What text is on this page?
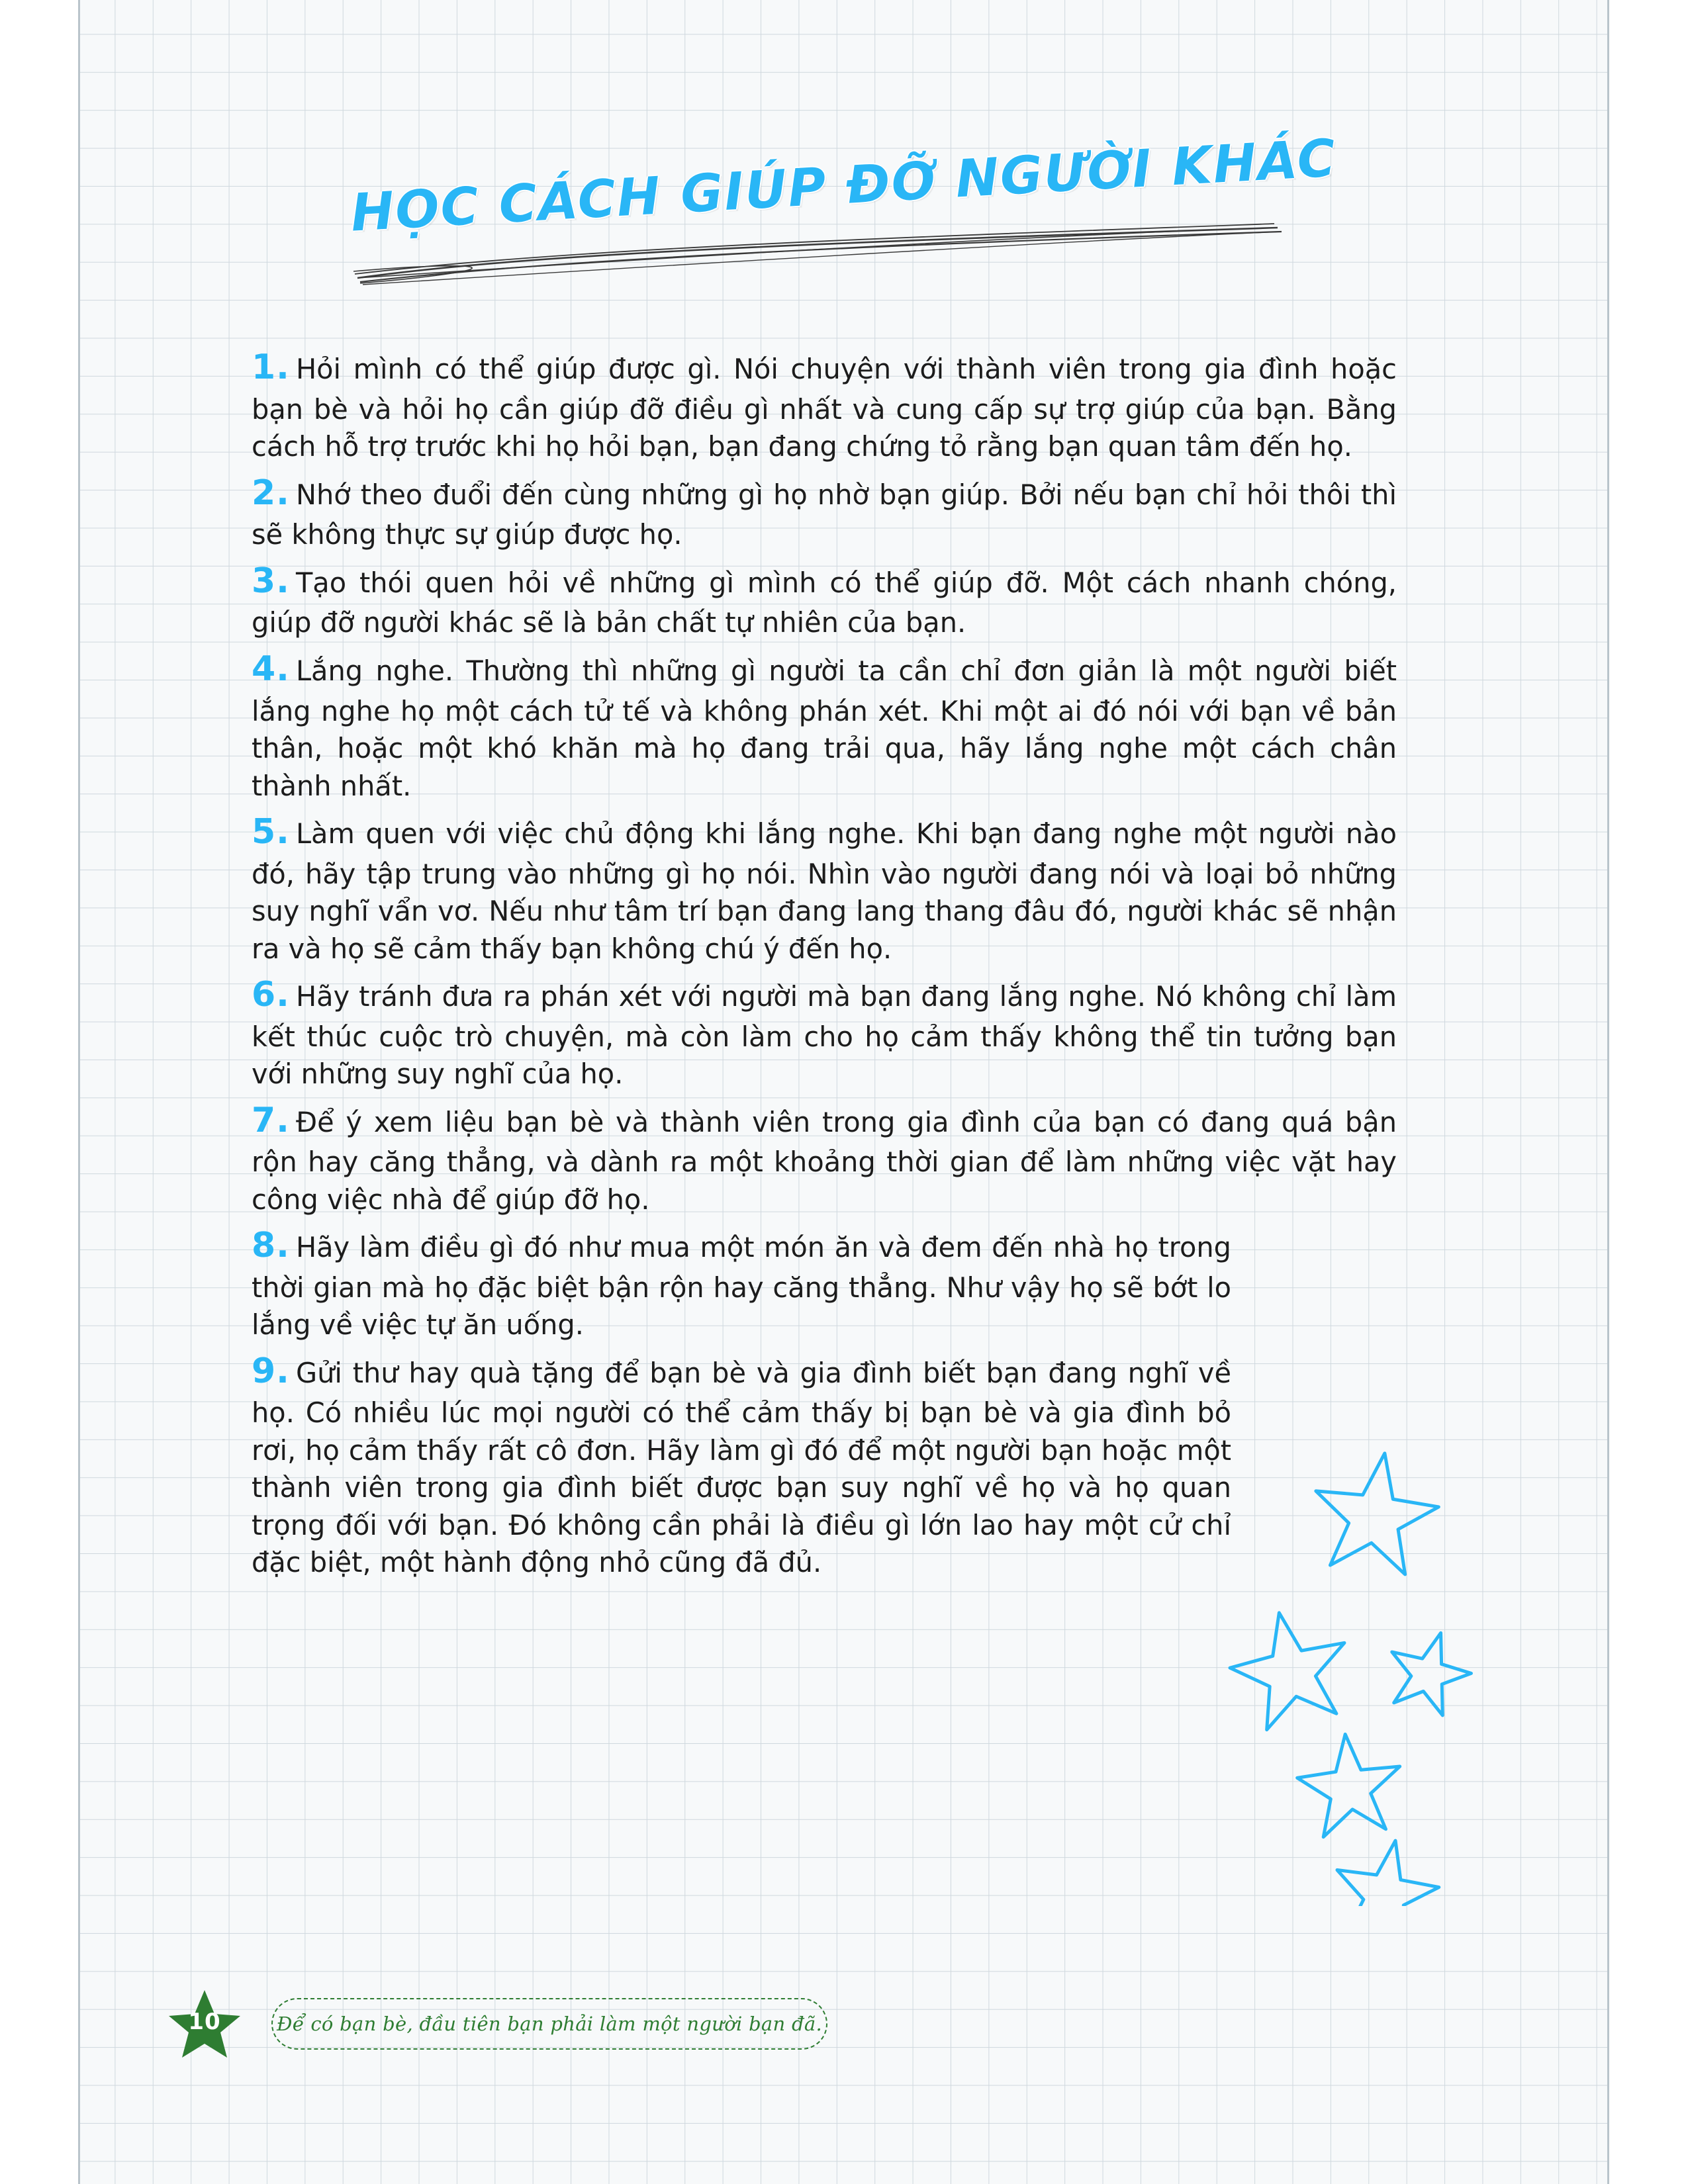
HỌC CÁCH GIÚP ĐỠ NGƯỜI KHÁC

1. Hỏi mình có thể giúp được gì. Nói chuyện với thành viên trong gia đình hoặc bạn bè và hỏi họ cần giúp đỡ điều gì nhất và cung cấp sự trợ giúp của bạn. Bằng cách hỗ trợ trước khi họ hỏi bạn, bạn đang chứng tỏ rằng bạn quan tâm đến họ.

2. Nhớ theo đuổi đến cùng những gì họ nhờ bạn giúp. Bởi nếu bạn chỉ hỏi thôi thì sẽ không thực sự giúp được họ.

3. Tạo thói quen hỏi về những gì mình có thể giúp đỡ. Một cách nhanh chóng, giúp đỡ người khác sẽ là bản chất tự nhiên của bạn.

4. Lắng nghe. Thường thì những gì người ta cần chỉ đơn giản là một người biết lắng nghe họ một cách tử tế và không phán xét. Khi một ai đó nói với bạn về bản thân, hoặc một khó khăn mà họ đang trải qua, hãy lắng nghe một cách chân thành nhất.

5. Làm quen với việc chủ động khi lắng nghe. Khi bạn đang nghe một người nào đó, hãy tập trung vào những gì họ nói. Nhìn vào người đang nói và loại bỏ những suy nghĩ vẩn vơ. Nếu như tâm trí bạn đang lang thang đâu đó, người khác sẽ nhận ra và họ sẽ cảm thấy bạn không chú ý đến họ.

6. Hãy tránh đưa ra phán xét với người mà bạn đang lắng nghe. Nó không chỉ làm kết thúc cuộc trò chuyện, mà còn làm cho họ cảm thấy không thể tin tưởng bạn với những suy nghĩ của họ.

7. Để ý xem liệu bạn bè và thành viên trong gia đình của bạn có đang quá bận rộn hay căng thẳng, và dành ra một khoảng thời gian để làm những việc vặt hay công việc nhà để giúp đỡ họ.

8. Hãy làm điều gì đó như mua một món ăn và đem đến nhà họ trong thời gian mà họ đặc biệt bận rộn hay căng thẳng. Như vậy họ sẽ bớt lo lắng về việc tự ăn uống.

9. Gửi thư hay quà tặng để bạn bè và gia đình biết bạn đang nghĩ về họ. Có nhiều lúc mọi người có thể cảm thấy bị bạn bè và gia đình bỏ rơi, họ cảm thấy rất cô đơn. Hãy làm gì đó để một người bạn hoặc một thành viên trong gia đình biết được bạn suy nghĩ về họ và họ quan trọng đối với bạn. Đó không cần phải là điều gì lớn lao hay một cử chỉ đặc biệt, một hành động nhỏ cũng đã đủ.

10	Để có bạn bè, đầu tiên bạn phải làm một người bạn đã.
